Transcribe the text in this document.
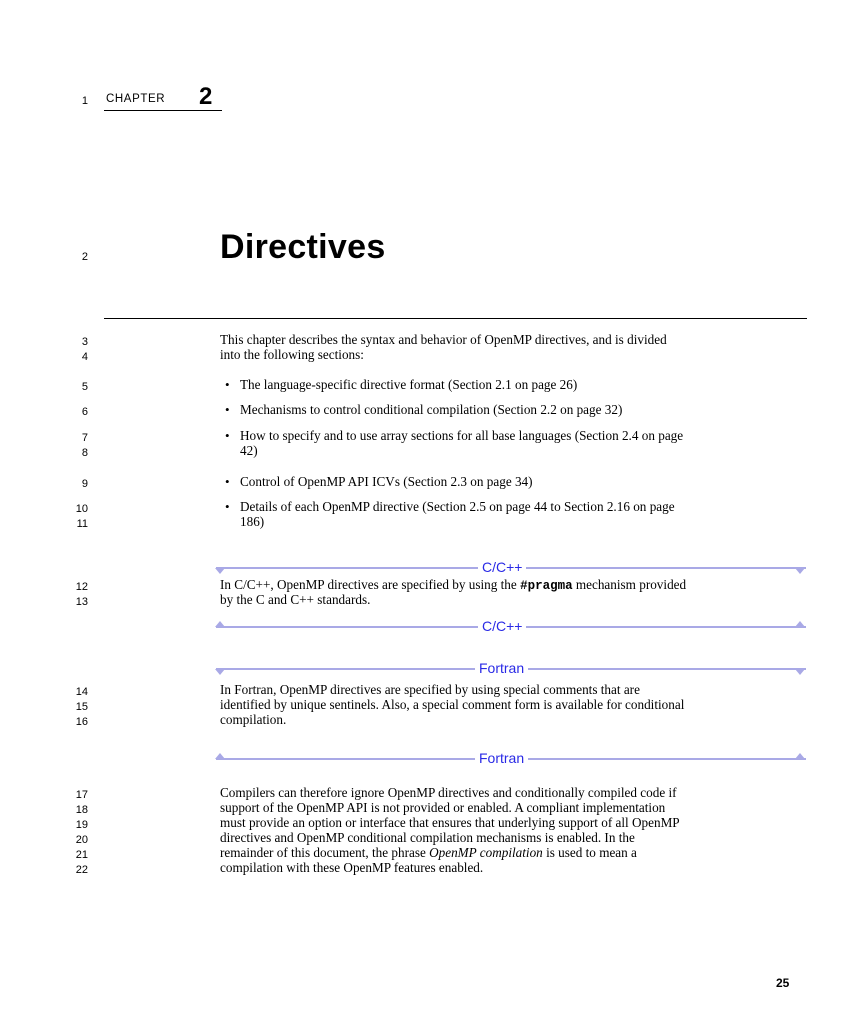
1
2
3
4
5
6
7
8
9
10
11
12
13
14
15
16
17
18
19
20
21
22
CHAPTER 2
Directives
This chapter describes the syntax and behavior of OpenMP directives, and is divided
into the following sections:
• The language-specific directive format (Section 2.1 on page 26)
• Mechanisms to control conditional compilation (Section 2.2 on page 32)
• How to specify and to use array sections for all base languages (Section 2.4 on page
42)
• Control of OpenMP API ICVs (Section 2.3 on page 34)
• Details of each OpenMP directive (Section 2.5 on page 44 to Section 2.16 on page
186)
C/C++
In C/C++, OpenMP directives are specified by using the #pragma mechanism provided
by the C and C++ standards.
C/C++
Fortran
In Fortran, OpenMP directives are specified by using special comments that are
identified by unique sentinels. Also, a special comment form is available for conditional
compilation.
Fortran
Compilers can therefore ignore OpenMP directives and conditionally compiled code if
support of the OpenMP API is not provided or enabled. A compliant implementation
must provide an option or interface that ensures that underlying support of all OpenMP
directives and OpenMP conditional compilation mechanisms is enabled. In the
remainder of this document, the phrase OpenMP compilation is used to mean a
compilation with these OpenMP features enabled.
25
